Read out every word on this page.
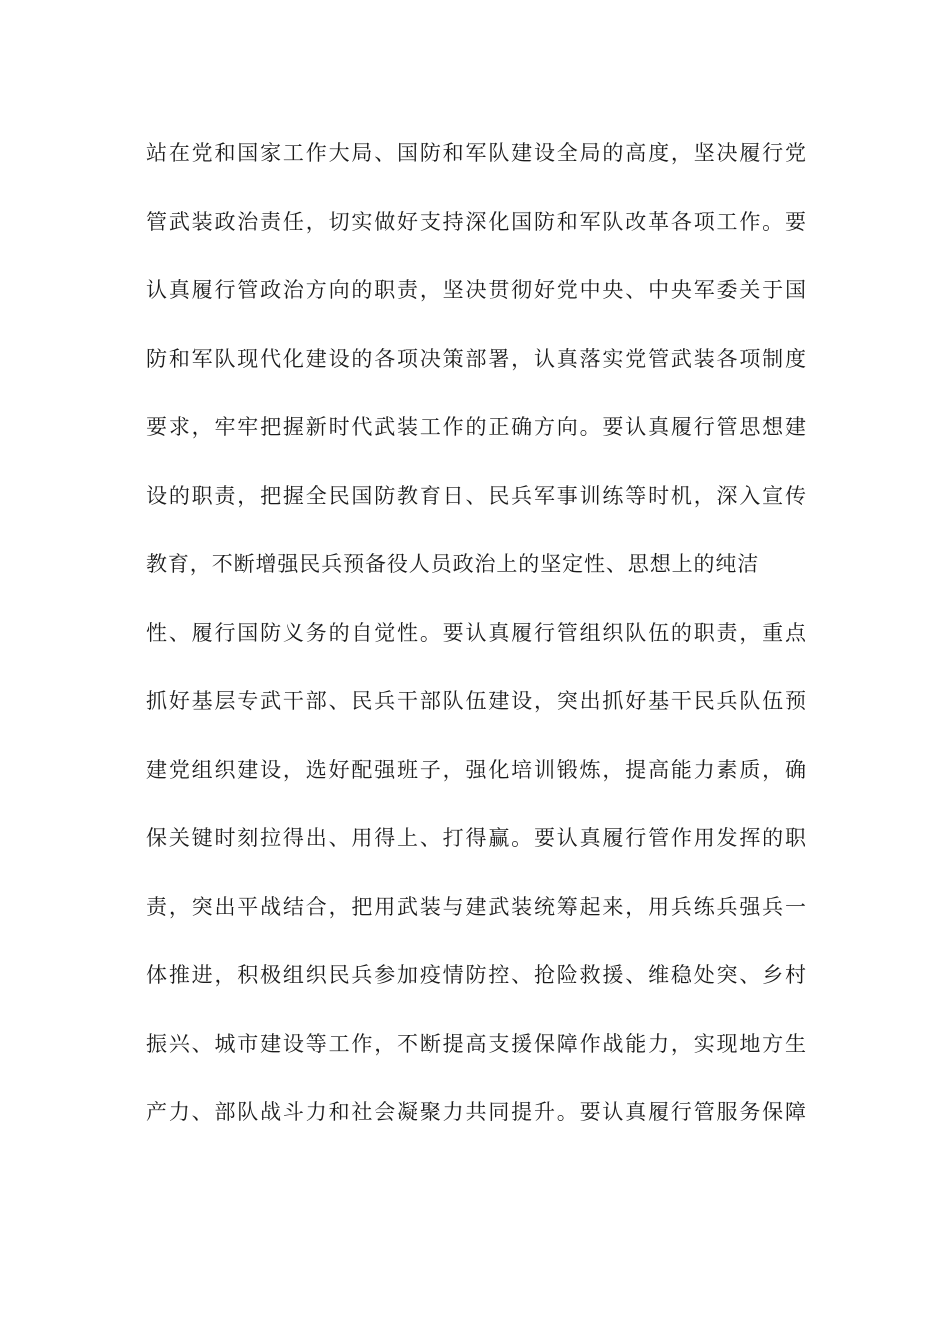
站在党和国家工作大局、国防和军队建设全局的高度，坚决履行党
管武装政治责任，切实做好支持深化国防和军队改革各项工作。要
认真履行管政治方向的职责，坚决贯彻好党中央、中央军委关于国
防和军队现代化建设的各项决策部署，认真落实党管武装各项制度
要求，牢牢把握新时代武装工作的正确方向。要认真履行管思想建
设的职责，把握全民国防教育日、民兵军事训练等时机，深入宣传
教育，不断增强民兵预备役人员政治上的坚定性、思想上的纯洁
性、履行国防义务的自觉性。要认真履行管组织队伍的职责，重点
抓好基层专武干部、民兵干部队伍建设，突出抓好基干民兵队伍预
建党组织建设，选好配强班子，强化培训锻炼，提高能力素质，确
保关键时刻拉得出、用得上、打得赢。要认真履行管作用发挥的职
责，突出平战结合，把用武装与建武装统筹起来，用兵练兵强兵一
体推进，积极组织民兵参加疫情防控、抢险救援、维稳处突、乡村
振兴、城市建设等工作，不断提高支援保障作战能力，实现地方生
产力、部队战斗力和社会凝聚力共同提升。要认真履行管服务保障
